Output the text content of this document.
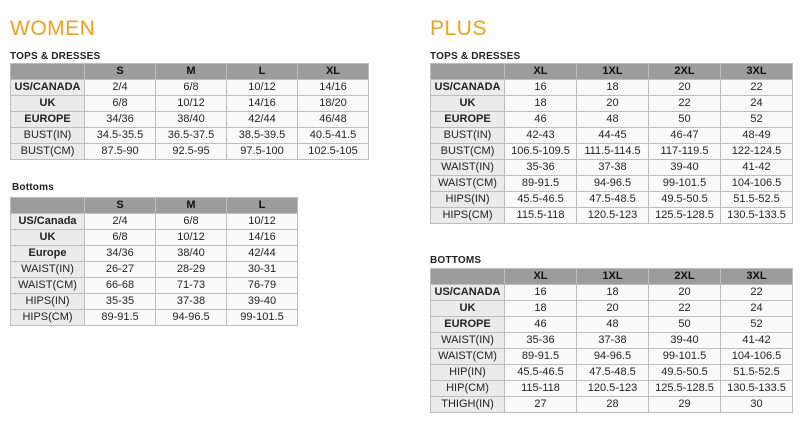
WOMEN
TOPS & DRESSES
	S	M	L	XL
US/CANADA	2/4	6/8	10/12	14/16
UK	6/8	10/12	14/16	18/20
EUROPE	34/36	38/40	42/44	46/48
BUST(IN)	34.5-35.5	36.5-37.5	38.5-39.5	40.5-41.5
BUST(CM)	87.5-90	92.5-95	97.5-100	102.5-105
Bottoms
	S	M	L
US/Canada	2/4	6/8	10/12
UK	6/8	10/12	14/16
Europe	34/36	38/40	42/44
WAIST(IN)	26-27	28-29	30-31
WAIST(CM)	66-68	71-73	76-79
HIPS(IN)	35-35	37-38	39-40
HIPS(CM)	89-91.5	94-96.5	99-101.5
PLUS
TOPS & DRESSES
	XL	1XL	2XL	3XL
US/CANADA	16	18	20	22
UK	18	20	22	24
EUROPE	46	48	50	52
BUST(IN)	42-43	44-45	46-47	48-49
BUST(CM)	106.5-109.5	111.5-114.5	117-119.5	122-124.5
WAIST(IN)	35-36	37-38	39-40	41-42
WAIST(CM)	89-91.5	94-96.5	99-101.5	104-106.5
HIPS(IN)	45.5-46.5	47.5-48.5	49.5-50.5	51.5-52.5
HIPS(CM)	115.5-118	120.5-123	125.5-128.5	130.5-133.5
BOTTOMS
	XL	1XL	2XL	3XL
US/CANADA	16	18	20	22
UK	18	20	22	24
EUROPE	46	48	50	52
WAIST(IN)	35-36	37-38	39-40	41-42
WAIST(CM)	89-91.5	94-96.5	99-101.5	104-106.5
HIP(IN)	45.5-46.5	47.5-48.5	49.5-50.5	51.5-52.5
HIP(CM)	115-118	120.5-123	125.5-128.5	130.5-133.5
THIGH(IN)	27	28	29	30
